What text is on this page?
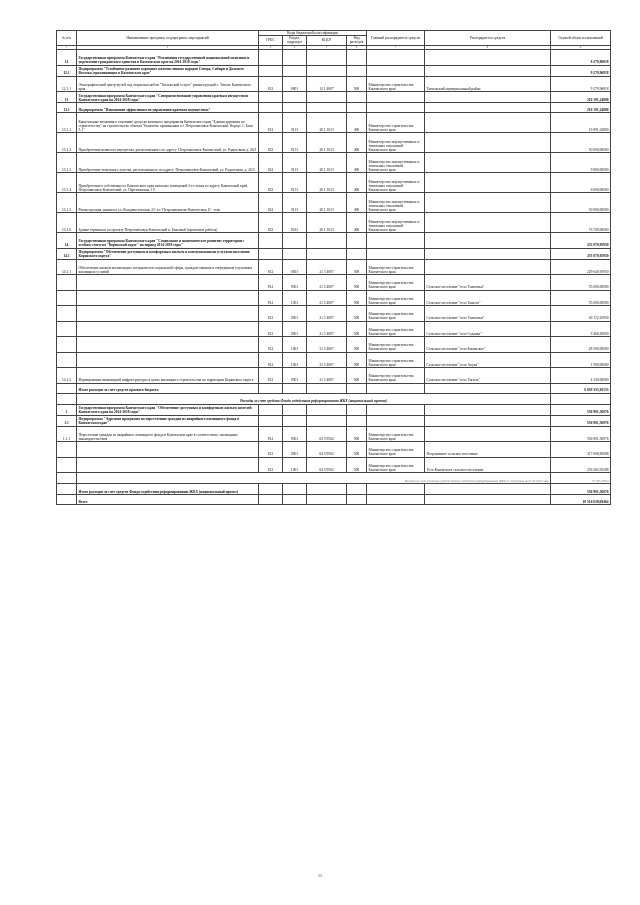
№ п/п	Наименование программ, подпрограмм, мероприятий	Коды бюджетной классификации				Главный распорядитель средств	Распорядитель средств	Годовой объем ассигнований
		ГРБС	Раздел, подраздел	КЦСР	Вид расходов			
1	2	3	4	5	6	7	8	9
12	Государственная программа Камчатского края "Реализация государственной национальной политики и укрепление гражданского единства в Камчатском крае на 2014-2018 годы"							9 279,96818
12.1	Подпрограмма "Устойчивое развитие коренных малочисленных народов Севера, Сибири и Дальнего Востока, проживающих в Камчатском крае"							9 279,96818
12.1.1	Этнографический центр-музей под открытым небом "Тигильский острог" реконструкций с. Тигиль Камчатского края	812	0801	12 1 4007	500	Министерство строительства Камчатского края	Тигильский муниципальный район	9 279,96818
13	Государственная программа Камчатского края "Совершенствование управления краевым имуществом Камчатского края на 2014-2018 годы"							210 191,24800
13.1	Подпрограмма "Повышение эффективности управления краевым имуществом"							210 191,24800
13.1.1	Капитальные вложения в основные средства казенного предприятия Камчатского края "Единая дирекция по строительству" на строительство объекта "Комплекс примыкания к г. Петропавловск-Камчатский. Корпус 1. Блок 5.1"	812	0113	20 1 1013	400	Министерство строительства Камчатского края		16 991,34800
13.1.2	Приобретение нежилого имущества, расположенного по адресу: Петропавловск-Камчатский, ул. Радиосвязи д. 26/3	822	0113	20 1 1013	400	Министерство имущественных и земельных отношений Камчатского края		50 000,00000
13.1.3	Приобретение земельного участка, расположенного по адресу: Петропавловск-Камчатский, ул. Радиосвязи, д. 26/3	822	0113	20 1 1013	400	Министерство имущественных и земельных отношений Камчатского края		9 800,00000
13.1.4	Приобретение в собственность Камчатского края нежилых помещений 3-го этажа по адресу Камчатский край, Петропавловск-Камчатский, ул. Партизанская, 19	822	0113	20 1 1013	400	Министерство имущественных и земельных отношений Камчатского края		6 600,00000
13.1.5	Реконструкция здания по ул. Владивостокская, 2/1 в г. Петропавловске-Камчатском, II - этап	822	0113	20 1 1013	400	Министерство имущественных и земельных отношений Камчатского края		50 000,00000
13.1.6	Здание терминала по проекту Петропавловск-Камчатский п. Быковый (проектные работы)	822	0412	20 1 1013	400	Министерство имущественных и земельных отношений Камчатского края		76 700,00000
14	Государственная программа Камчатского края "Социальное и экономическое развитие территории с особым статусом "Корякский округ" на период 2014-2018 годы"							233 970,95950
14.1	Подпрограмма "Обеспечение доступным и комфортным жильем и коммунальными услугами населения Корякского округа"							233 970,95950
14.1.1	Обеспечение жильем малоимущих специалистов социальной сферы, граждан-очников и очередников улучшения жилищных условий	812	0501	21 3 4007	500	Министерство строительства Камчатского края		229 640,95950
		812	0501	21 3 4007	500	Министерство строительства Камчатского края	Сельское поселение "село Тиличики"	55 000,00000
		812	1001	21 3 4007	500	Министерство строительства Камчатского края	Сельское поселение "село Тымлат"	55 000,00000
		812	0501	21 3 4007	500	Министерство строительства Камчатского края	Сельское поселение "село Тиличики"	40 172,25950
		812	0501	21 3 4007	500	Министерство строительства Камчатского края	Сельское поселение "село Седанка"	9 468,30000
		812	1001	21 3 4007	500	Министерство строительства Камчатского края	Сельское поселение "село Каменское"	28 500,00000
		812	1001	21 3 4007	500	Министерство строительства Камчатского края	Сельское поселение "село Апука"	1 500,00000
14.1.2	Формирование инженерной инфраструктуры в целях жилищного строительства на территории Корякского округа	812	0501	21 3 4007	500	Министерство строительства Камчатского края	Сельское поселение "село Тигиль"	4 330,00000
	Итого расходов за счет средств краевого бюджета							6 659 355,30153
	Расходы за счет средств Фонда содействия реформированию ЖКХ (национальный проект)							
1	Государственная программа Камчатского края "Обеспечение доступным и комфортным жильем жителей Камчатского края на 2014-2018 годы"							556 901,56976
1.1	Подпрограмма "Адресная программа по переселению граждан из аварийного жилищного фонда в Камчатском крае"							556 901,56976
1.1.1	Переселение граждан из аварийного жилищного фонда в Камчатском крае в соответствии с жилищным законодательством	812	0501	04 3 9502	500	Министерство строительства Камчатского края		556 901,56976
		812	0501	04 3 9502	500	Министерство строительства Камчатского края	Пограничное сельское поселение	317 698,85688
		812	1001	04 3 9502	500	Министерство строительства Камчатского края	Усть-Камчатское сельское поселение	239 202,95288
	Расходы за счет остатков средств Фонда содействия реформированию ЖКХ по состоянию на 01.01.2015 года							37 767,23924
	Итого расходов за счет средств Фонда содействия реформированию ЖКХ (национальный проект)							556 901,56976
	Всего							10 516 028,69464
11
